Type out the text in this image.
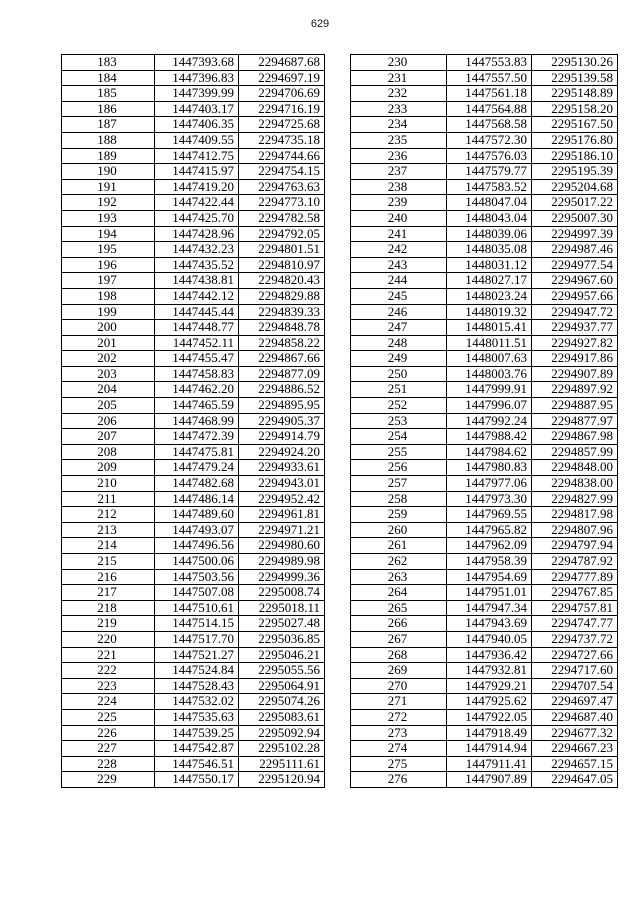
629
183	1447393.68	2294687.68
184	1447396.83	2294697.19
185	1447399.99	2294706.69
186	1447403.17	2294716.19
187	1447406.35	2294725.68
188	1447409.55	2294735.18
189	1447412.75	2294744.66
190	1447415.97	2294754.15
191	1447419.20	2294763.63
192	1447422.44	2294773.10
193	1447425.70	2294782.58
194	1447428.96	2294792.05
195	1447432.23	2294801.51
196	1447435.52	2294810.97
197	1447438.81	2294820.43
198	1447442.12	2294829.88
199	1447445.44	2294839.33
200	1447448.77	2294848.78
201	1447452.11	2294858.22
202	1447455.47	2294867.66
203	1447458.83	2294877.09
204	1447462.20	2294886.52
205	1447465.59	2294895.95
206	1447468.99	2294905.37
207	1447472.39	2294914.79
208	1447475.81	2294924.20
209	1447479.24	2294933.61
210	1447482.68	2294943.01
211	1447486.14	2294952.42
212	1447489.60	2294961.81
213	1447493.07	2294971.21
214	1447496.56	2294980.60
215	1447500.06	2294989.98
216	1447503.56	2294999.36
217	1447507.08	2295008.74
218	1447510.61	2295018.11
219	1447514.15	2295027.48
220	1447517.70	2295036.85
221	1447521.27	2295046.21
222	1447524.84	2295055.56
223	1447528.43	2295064.91
224	1447532.02	2295074.26
225	1447535.63	2295083.61
226	1447539.25	2295092.94
227	1447542.87	2295102.28
228	1447546.51	2295111.61
229	1447550.17	2295120.94
230	1447553.83	2295130.26
231	1447557.50	2295139.58
232	1447561.18	2295148.89
233	1447564.88	2295158.20
234	1447568.58	2295167.50
235	1447572.30	2295176.80
236	1447576.03	2295186.10
237	1447579.77	2295195.39
238	1447583.52	2295204.68
239	1448047.04	2295017.22
240	1448043.04	2295007.30
241	1448039.06	2294997.39
242	1448035.08	2294987.46
243	1448031.12	2294977.54
244	1448027.17	2294967.60
245	1448023.24	2294957.66
246	1448019.32	2294947.72
247	1448015.41	2294937.77
248	1448011.51	2294927.82
249	1448007.63	2294917.86
250	1448003.76	2294907.89
251	1447999.91	2294897.92
252	1447996.07	2294887.95
253	1447992.24	2294877.97
254	1447988.42	2294867.98
255	1447984.62	2294857.99
256	1447980.83	2294848.00
257	1447977.06	2294838.00
258	1447973.30	2294827.99
259	1447969.55	2294817.98
260	1447965.82	2294807.96
261	1447962.09	2294797.94
262	1447958.39	2294787.92
263	1447954.69	2294777.89
264	1447951.01	2294767.85
265	1447947.34	2294757.81
266	1447943.69	2294747.77
267	1447940.05	2294737.72
268	1447936.42	2294727.66
269	1447932.81	2294717.60
270	1447929.21	2294707.54
271	1447925.62	2294697.47
272	1447922.05	2294687.40
273	1447918.49	2294677.32
274	1447914.94	2294667.23
275	1447911.41	2294657.15
276	1447907.89	2294647.05
